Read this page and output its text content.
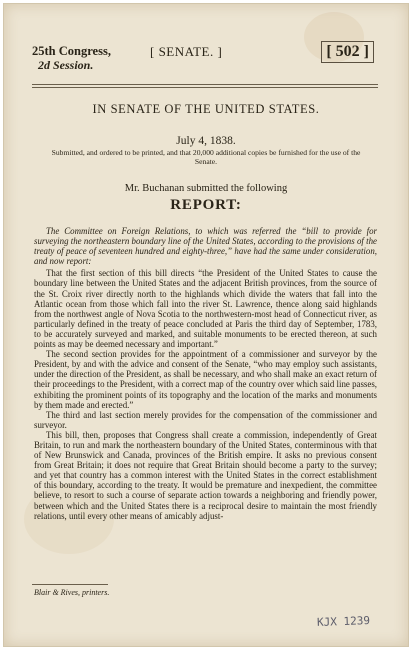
25th Congress,
2d Session.
[ SENATE. ]	[ 502 ]
IN SENATE OF THE UNITED STATES.
July 4, 1838.
Submitted, and ordered to be printed, and that 20,000 additional copies be furnished for the use of the Senate.
Mr. Buchanan submitted the following
REPORT:

The Committee on Foreign Relations, to which was referred the “bill to provide for surveying the northeastern boundary line of the United States, according to the provisions of the treaty of peace of seventeen hundred and eighty-three,” have had the same under consideration, and now report:

That the first section of this bill directs “the President of the United States to cause the boundary line between the United States and the adjacent British provinces, from the source of the St. Croix river directly north to the highlands which divide the waters that fall into the Atlantic ocean from those which fall into the river St. Lawrence, thence along said highlands from the northwest angle of Nova Scotia to the northwestern-most head of Connecticut river, as particularly defined in the treaty of peace concluded at Paris the third day of September, 1783, to be accurately surveyed and marked, and suitable monuments to be erected thereon, at such points as may be deemed necessary and important.”

The second section provides for the appointment of a commissioner and surveyor by the President, by and with the advice and consent of the Senate, “who may employ such assistants, under the direction of the President, as shall be necessary, and who shall make an exact return of their proceedings to the President, with a correct map of the country over which said line passes, exhibiting the prominent points of its topography and the location of the marks and monuments by them made and erected.”

The third and last section merely provides for the compensation of the commissioner and surveyor.

This bill, then, proposes that Congress shall create a commission, independently of Great Britain, to run and mark the northeastern boundary of the United States, conterminous with that of New Brunswick and Canada, provinces of the British empire. It asks no previous consent from Great Britain; it does not require that Great Britain should become a party to the survey; and yet that country has a common interest with the United States in the correct establishment of this boundary, according to the treaty. It would be premature and inexpedient, the committee believe, to resort to such a course of separate action towards a neighboring and friendly power, between which and the United States there is a reciprocal desire to maintain the most friendly relations, until every other means of amicably adjust-

Blair & Rives, printers.
KJX 1239
